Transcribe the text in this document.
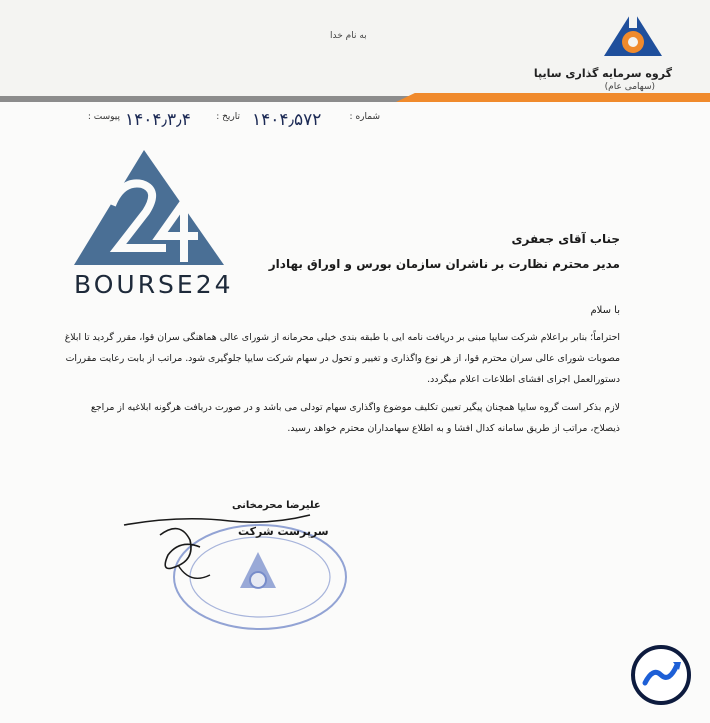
به نام خدا
گروه سرمایه گذاری سایپا
(سهامی عام)
شماره :
۱۴۰۴٫۵۷۲
تاریخ :
۱۴۰۴٫۳٫۴
پیوست :
BOURSE24
جناب آقای جعفری
مدیر محترم نظارت بر ناشران سازمان بورس و اوراق بهادار
با سلام
احتراماً؛ بنابر براعلام شرکت سایپا مبنی بر دریافت نامه ایی با طبقه بندی خیلی محرمانه از شورای عالی هماهنگی سران قوا، مقرر گردید تا ابلاغ مصوبات شورای عالی سران محترم قوا، از هر نوع واگذاری و تغییر و تحول در سهام شرکت سایپا جلوگیری شود. مراتب از بابت رعایت مقررات دستورالعمل اجرای افشای اطلاعات اعلام میگردد.
لازم بذکر است گروه سایپا همچنان پیگیر تعیین تکلیف موضوع واگذاری سهام تودلی می باشد و در صورت دریافت هرگونه ابلاغیه از مراجع ذیصلاح، مراتب از طریق سامانه کدال افشا و به اطلاع سهامداران محترم خواهد رسید.
علیرضا محرمخانی
سرپرست شرکت
